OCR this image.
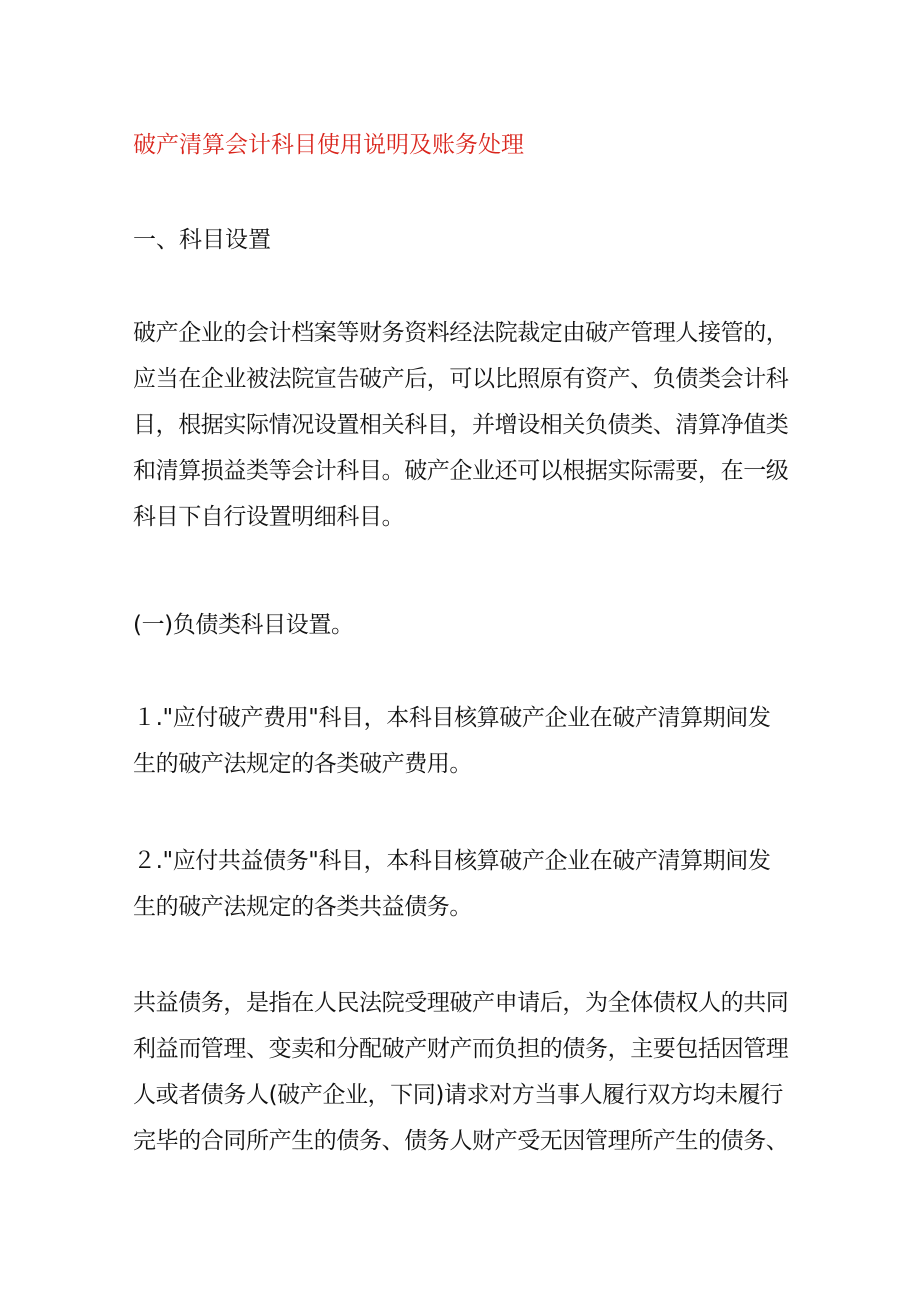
破产清算会计科目使用说明及账务处理
一、科目设置
破产企业的会计档案等财务资料经法院裁定由破产管理人接管的，
应当在企业被法院宣告破产后，可以比照原有资产、负债类会计科
目，根据实际情况设置相关科目，并增设相关负债类、清算净值类
和清算损益类等会计科目。破产企业还可以根据实际需要，在一级
科目下自行设置明细科目。
(一)负债类科目设置。
１."应付破产费用"科目，本科目核算破产企业在破产清算期间发
生的破产法规定的各类破产费用。
２."应付共益债务"科目，本科目核算破产企业在破产清算期间发
生的破产法规定的各类共益债务。
共益债务，是指在人民法院受理破产申请后，为全体债权人的共同
利益而管理、变卖和分配破产财产而负担的债务，主要包括因管理
人或者债务人(破产企业，下同)请求对方当事人履行双方均未履行
完毕的合同所产生的债务、债务人财产受无因管理所产生的债务、
